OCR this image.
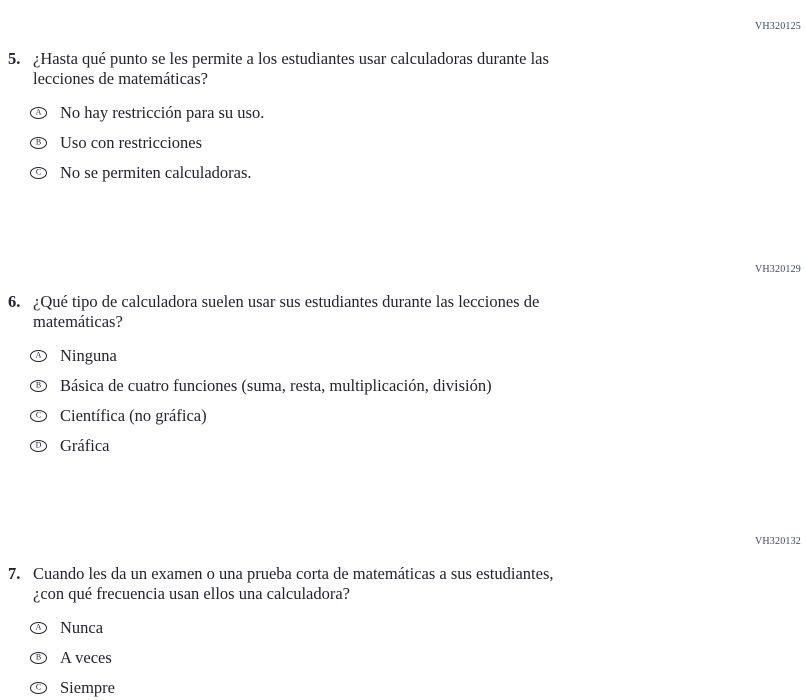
VH320125
5. ¿Hasta qué punto se les permite a los estudiantes usar calculadoras durante las
lecciones de matemáticas?
A No hay restricción para su uso.
B Uso con restricciones
C No se permiten calculadoras.
VH320129
6. ¿Qué tipo de calculadora suelen usar sus estudiantes durante las lecciones de
matemáticas?
A Ninguna
B Básica de cuatro funciones (suma, resta, multiplicación, división)
C Científica (no gráfica)
D Gráfica
VH320132
7. Cuando les da un examen o una prueba corta de matemáticas a sus estudiantes,
¿con qué frecuencia usan ellos una calculadora?
A Nunca
B A veces
C Siempre
